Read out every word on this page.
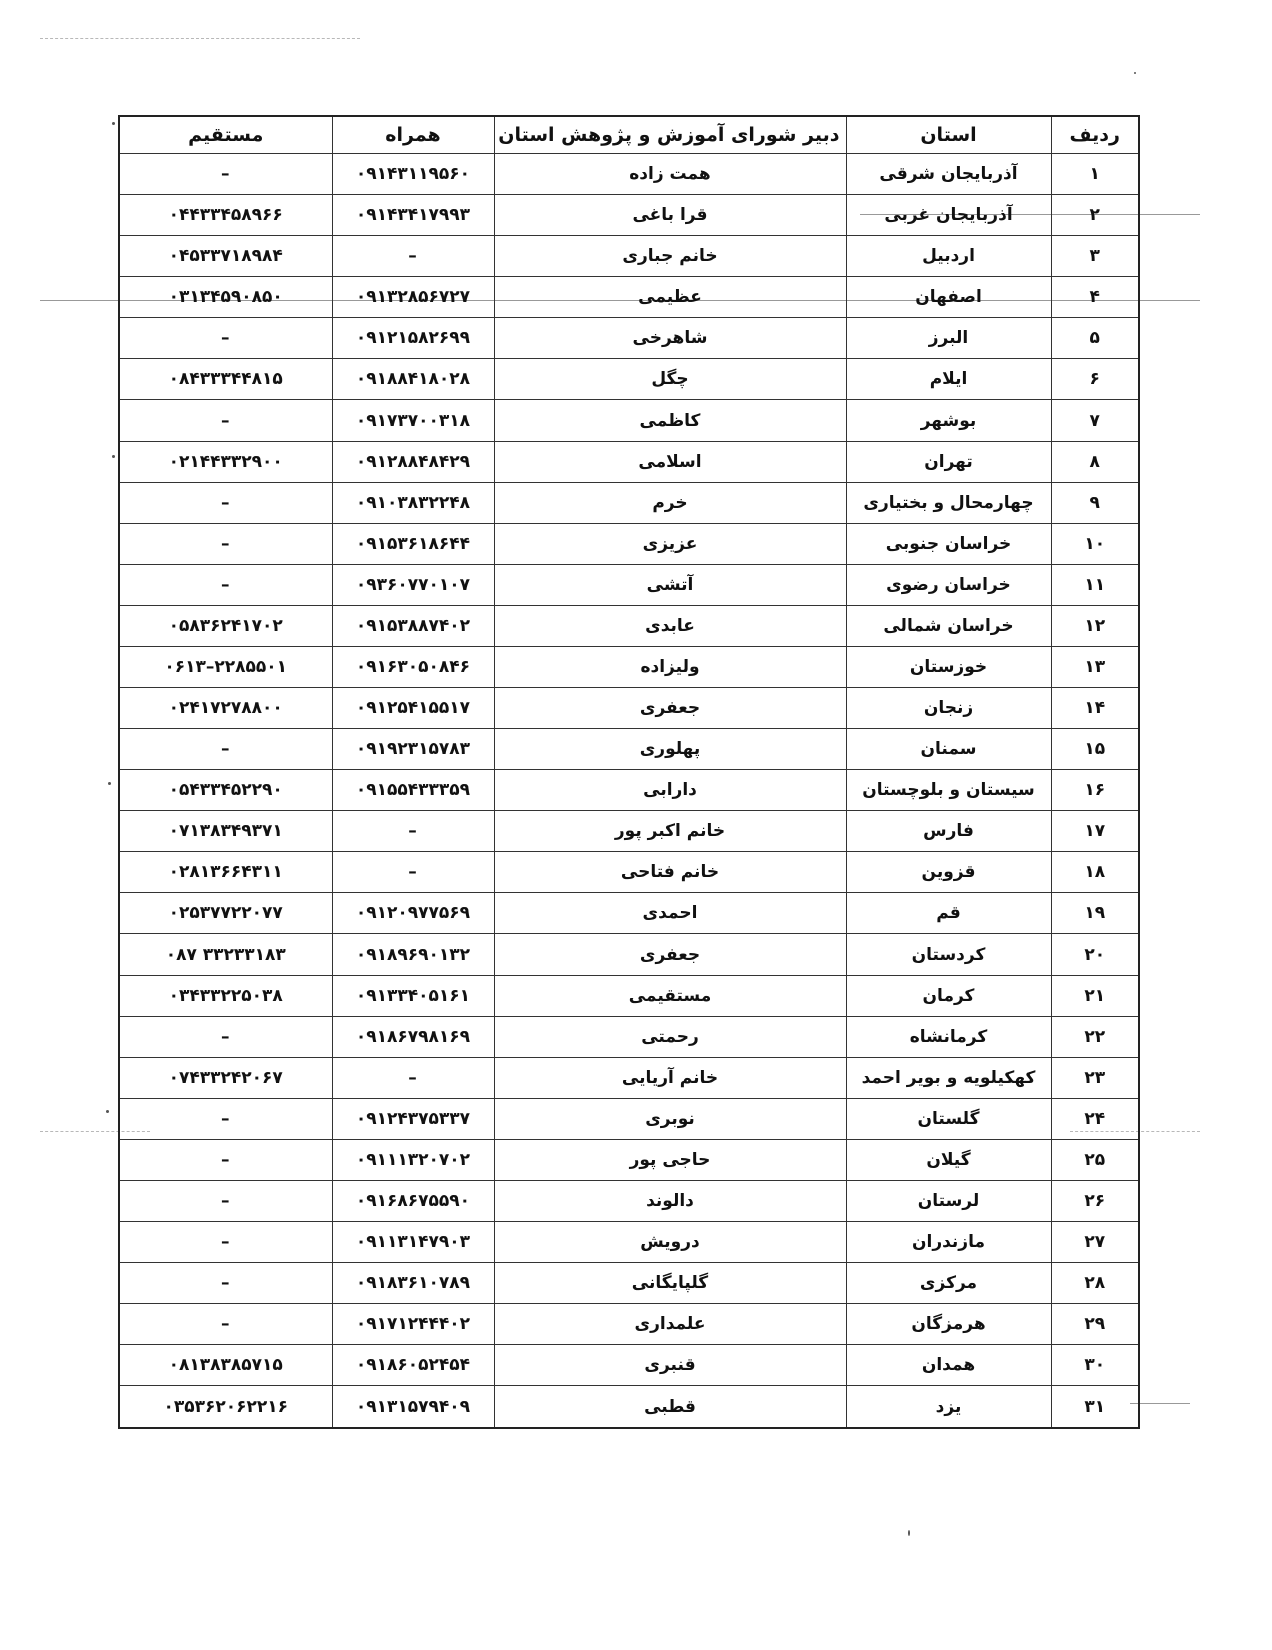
ردیف	استان	دبیر شورای آموزش و پژوهش استان	همراه	مستقیم
۱	آذربایجان شرقی	همت زاده	۰۹۱۴۳۱۱۹۵۶۰	–
۲	آذربایجان غربی	قرا باغی	۰۹۱۴۳۴۱۷۹۹۳	۰۴۴۳۳۴۵۸۹۶۶
۳	اردبیل	خانم جباری	–	۰۴۵۳۳۷۱۸۹۸۴
۴	اصفهان	عظیمی	۰۹۱۳۲۸۵۶۷۲۷	۰۳۱۳۴۵۹۰۸۵۰
۵	البرز	شاهرخی	۰۹۱۲۱۵۸۲۶۹۹	–
۶	ایلام	چگل	۰۹۱۸۸۴۱۸۰۲۸	۰۸۴۳۳۳۴۴۸۱۵
۷	بوشهر	کاظمی	۰۹۱۷۳۷۰۰۳۱۸	–
۸	تهران	اسلامی	۰۹۱۲۸۸۴۸۴۲۹	۰۲۱۴۴۳۳۲۹۰۰
۹	چهارمحال و بختیاری	خرم	۰۹۱۰۳۸۳۲۲۴۸	–
۱۰	خراسان جنوبی	عزیزی	۰۹۱۵۳۶۱۸۶۴۴	–
۱۱	خراسان رضوی	آتشی	۰۹۳۶۰۷۷۰۱۰۷	–
۱۲	خراسان شمالی	عابدی	۰۹۱۵۳۸۸۷۴۰۲	۰۵۸۳۶۲۴۱۷۰۲
۱۳	خوزستان	ولیزاده	۰۹۱۶۳۰۵۰۸۴۶	۰۶۱۳–۲۲۸۵۵۰۱
۱۴	زنجان	جعفری	۰۹۱۲۵۴۱۵۵۱۷	۰۲۴۱۷۲۷۸۸۰۰
۱۵	سمنان	پهلوری	۰۹۱۹۲۳۱۵۷۸۳	–
۱۶	سیستان و بلوچستان	دارابی	۰۹۱۵۵۴۳۳۳۵۹	۰۵۴۳۳۴۵۲۲۹۰
۱۷	فارس	خانم اکبر پور	–	۰۷۱۳۸۳۴۹۳۷۱
۱۸	قزوین	خانم فتاحی	–	۰۲۸۱۳۶۶۴۳۱۱
۱۹	قم	احمدی	۰۹۱۲۰۹۷۷۵۶۹	۰۲۵۳۷۷۲۲۰۷۷
۲۰	کردستان	جعفری	۰۹۱۸۹۶۹۰۱۳۲	۰۸۷ ۳۳۲۳۳۱۸۳
۲۱	کرمان	مستقیمی	۰۹۱۳۳۴۰۵۱۶۱	۰۳۴۳۳۲۲۵۰۳۸
۲۲	کرمانشاه	رحمتی	۰۹۱۸۶۷۹۸۱۶۹	–
۲۳	کهکیلویه و بویر احمد	خانم آریایی	–	۰۷۴۳۳۲۴۲۰۶۷
۲۴	گلستان	نوبری	۰۹۱۲۴۳۷۵۳۳۷	–
۲۵	گیلان	حاجی پور	۰۹۱۱۱۳۲۰۷۰۲	–
۲۶	لرستان	دالوند	۰۹۱۶۸۶۷۵۵۹۰	–
۲۷	مازندران	درویش	۰۹۱۱۳۱۴۷۹۰۳	–
۲۸	مرکزی	گلپایگانی	۰۹۱۸۳۶۱۰۷۸۹	–
۲۹	هرمزگان	علمداری	۰۹۱۷۱۲۴۴۴۰۲	–
۳۰	همدان	قنبری	۰۹۱۸۶۰۵۲۴۵۴	۰۸۱۳۸۳۸۵۷۱۵
۳۱	یزد	قطبی	۰۹۱۳۱۵۷۹۴۰۹	۰۳۵۳۶۲۰۶۲۲۱۶
